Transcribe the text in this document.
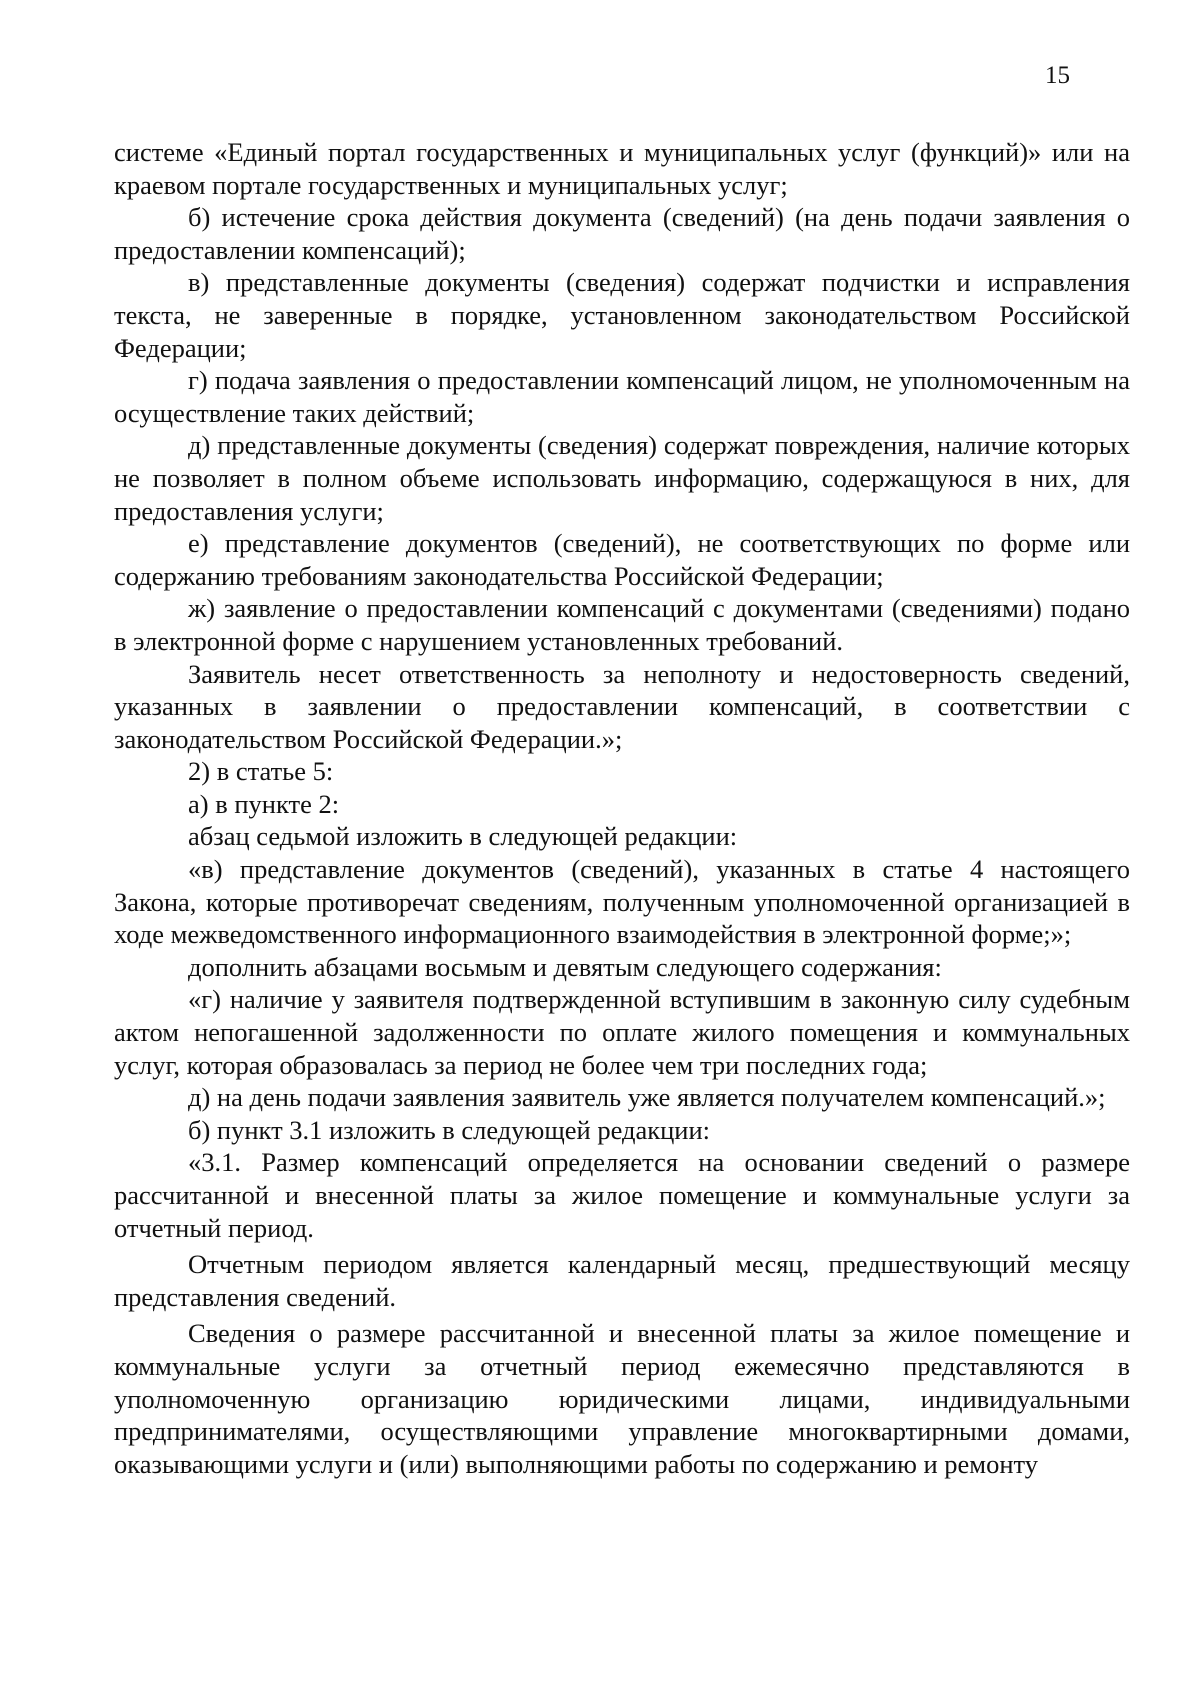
15

системе «Единый портал государственных и муниципальных услуг (функций)» или на краевом портале государственных и муниципальных услуг;

б) истечение срока действия документа (сведений) (на день подачи заявления о предоставлении компенсаций);

в) представленные документы (сведения) содержат подчистки и исправления текста, не заверенные в порядке, установленном законодательством Российской Федерации;

г) подача заявления о предоставлении компенсаций лицом, не уполномоченным на осуществление таких действий;

д) представленные документы (сведения) содержат повреждения, наличие которых не позволяет в полном объеме использовать информацию, содержащуюся в них, для предоставления услуги;

е) представление документов (сведений), не соответствующих по форме или содержанию требованиям законодательства Российской Федерации;

ж) заявление о предоставлении компенсаций с документами (сведениями) подано в электронной форме с нарушением установленных требований.

Заявитель несет ответственность за неполноту и недостоверность сведений, указанных в заявлении о предоставлении компенсаций, в соответствии с законодательством Российской Федерации.»;

2) в статье 5:

а) в пункте 2:

абзац седьмой изложить в следующей редакции:

«в) представление документов (сведений), указанных в статье 4 настоящего Закона, которые противоречат сведениям, полученным уполномоченной организацией в ходе межведомственного информационного взаимодействия в электронной форме;»;

дополнить абзацами восьмым и девятым следующего содержания:

«г) наличие у заявителя подтвержденной вступившим в законную силу судебным актом непогашенной задолженности по оплате жилого помещения и коммунальных услуг, которая образовалась за период не более чем три последних года;

д) на день подачи заявления заявитель уже является получателем компенсаций.»;

б) пункт 3.1 изложить в следующей редакции:

«3.1. Размер компенсаций определяется на основании сведений о размере рассчитанной и внесенной платы за жилое помещение и коммунальные услуги за отчетный период.

Отчетным периодом является календарный месяц, предшествующий месяцу представления сведений.

Сведения о размере рассчитанной и внесенной платы за жилое помещение и коммунальные услуги за отчетный период ежемесячно представляются в уполномоченную организацию юридическими лицами, индивидуальными предпринимателями, осуществляющими управление многоквартирными домами, оказывающими услуги и (или) выполняющими работы по содержанию и ремонту
